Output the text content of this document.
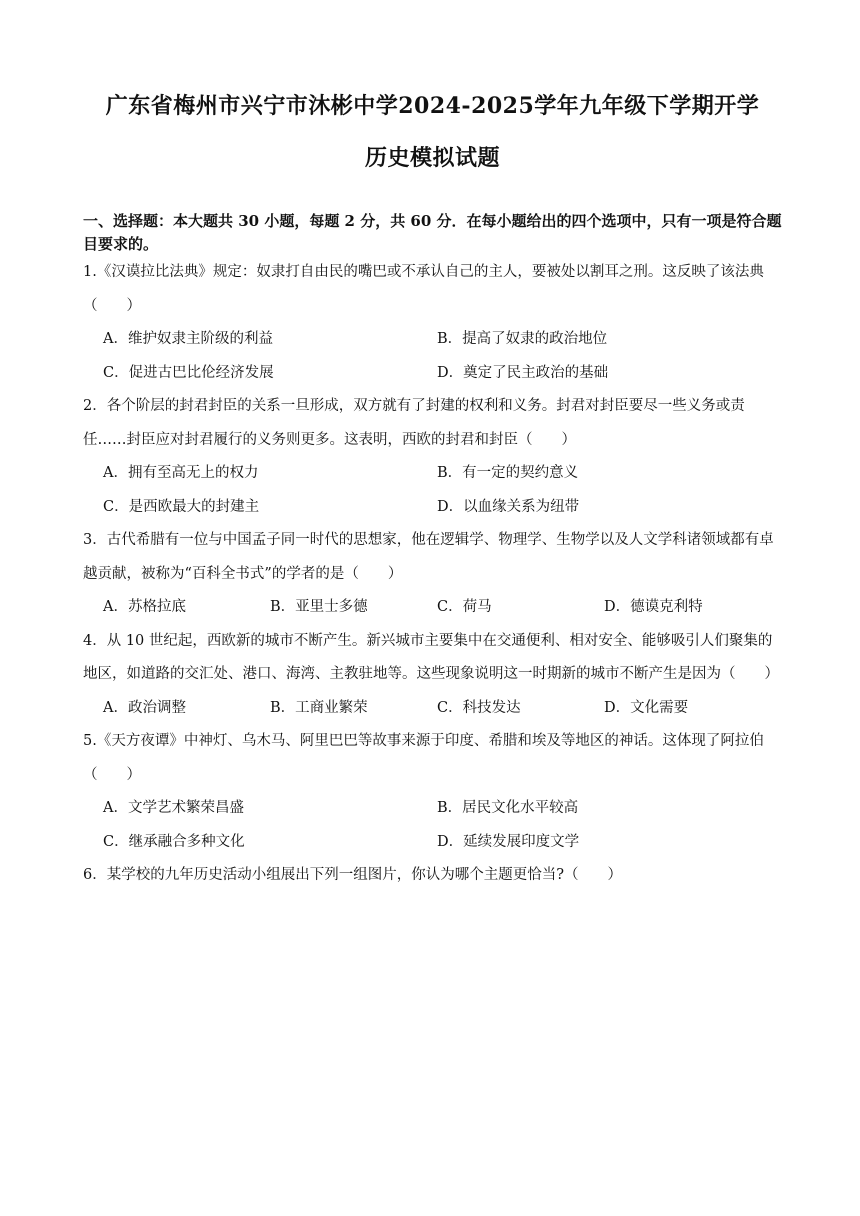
广东省梅州市兴宁市沐彬中学2024-2025学年九年级下学期开学
历史模拟试题
一、选择题：本大题共 30 小题，每题 2 分，共 60 分．在每小题给出的四个选项中，只有一项是符合题目要求的。
1.《汉谟拉比法典》规定：奴隶打自由民的嘴巴或不承认自己的主人，要被处以割耳之刑。这反映了该法典（　　）
A．维护奴隶主阶级的利益	B．提高了奴隶的政治地位
C．促进古巴比伦经济发展	D．奠定了民主政治的基础
2．各个阶层的封君封臣的关系一旦形成，双方就有了封建的权利和义务。封君对封臣要尽一些义务或责任……封臣应对封君履行的义务则更多。这表明，西欧的封君和封臣（　　）
A．拥有至高无上的权力	B．有一定的契约意义
C．是西欧最大的封建主	D．以血缘关系为纽带
3．古代希腊有一位与中国孟子同一时代的思想家，他在逻辑学、物理学、生物学以及人文学科诸领域都有卓越贡献，被称为“百科全书式”的学者的是（　　）
A．苏格拉底	B．亚里士多德	C．荷马	D．德谟克利特
4．从 10 世纪起，西欧新的城市不断产生。新兴城市主要集中在交通便利、相对安全、能够吸引人们聚集的地区，如道路的交汇处、港口、海湾、主教驻地等。这些现象说明这一时期新的城市不断产生是因为（　　）
A．政治调整	B．工商业繁荣	C．科技发达	D．文化需要
5.《天方夜谭》中神灯、乌木马、阿里巴巴等故事来源于印度、希腊和埃及等地区的神话。这体现了阿拉伯（　　）
A．文学艺术繁荣昌盛	B．居民文化水平较高
C．继承融合多种文化	D．延续发展印度文学
6．某学校的九年历史活动小组展出下列一组图片，你认为哪个主题更恰当?（　　）
